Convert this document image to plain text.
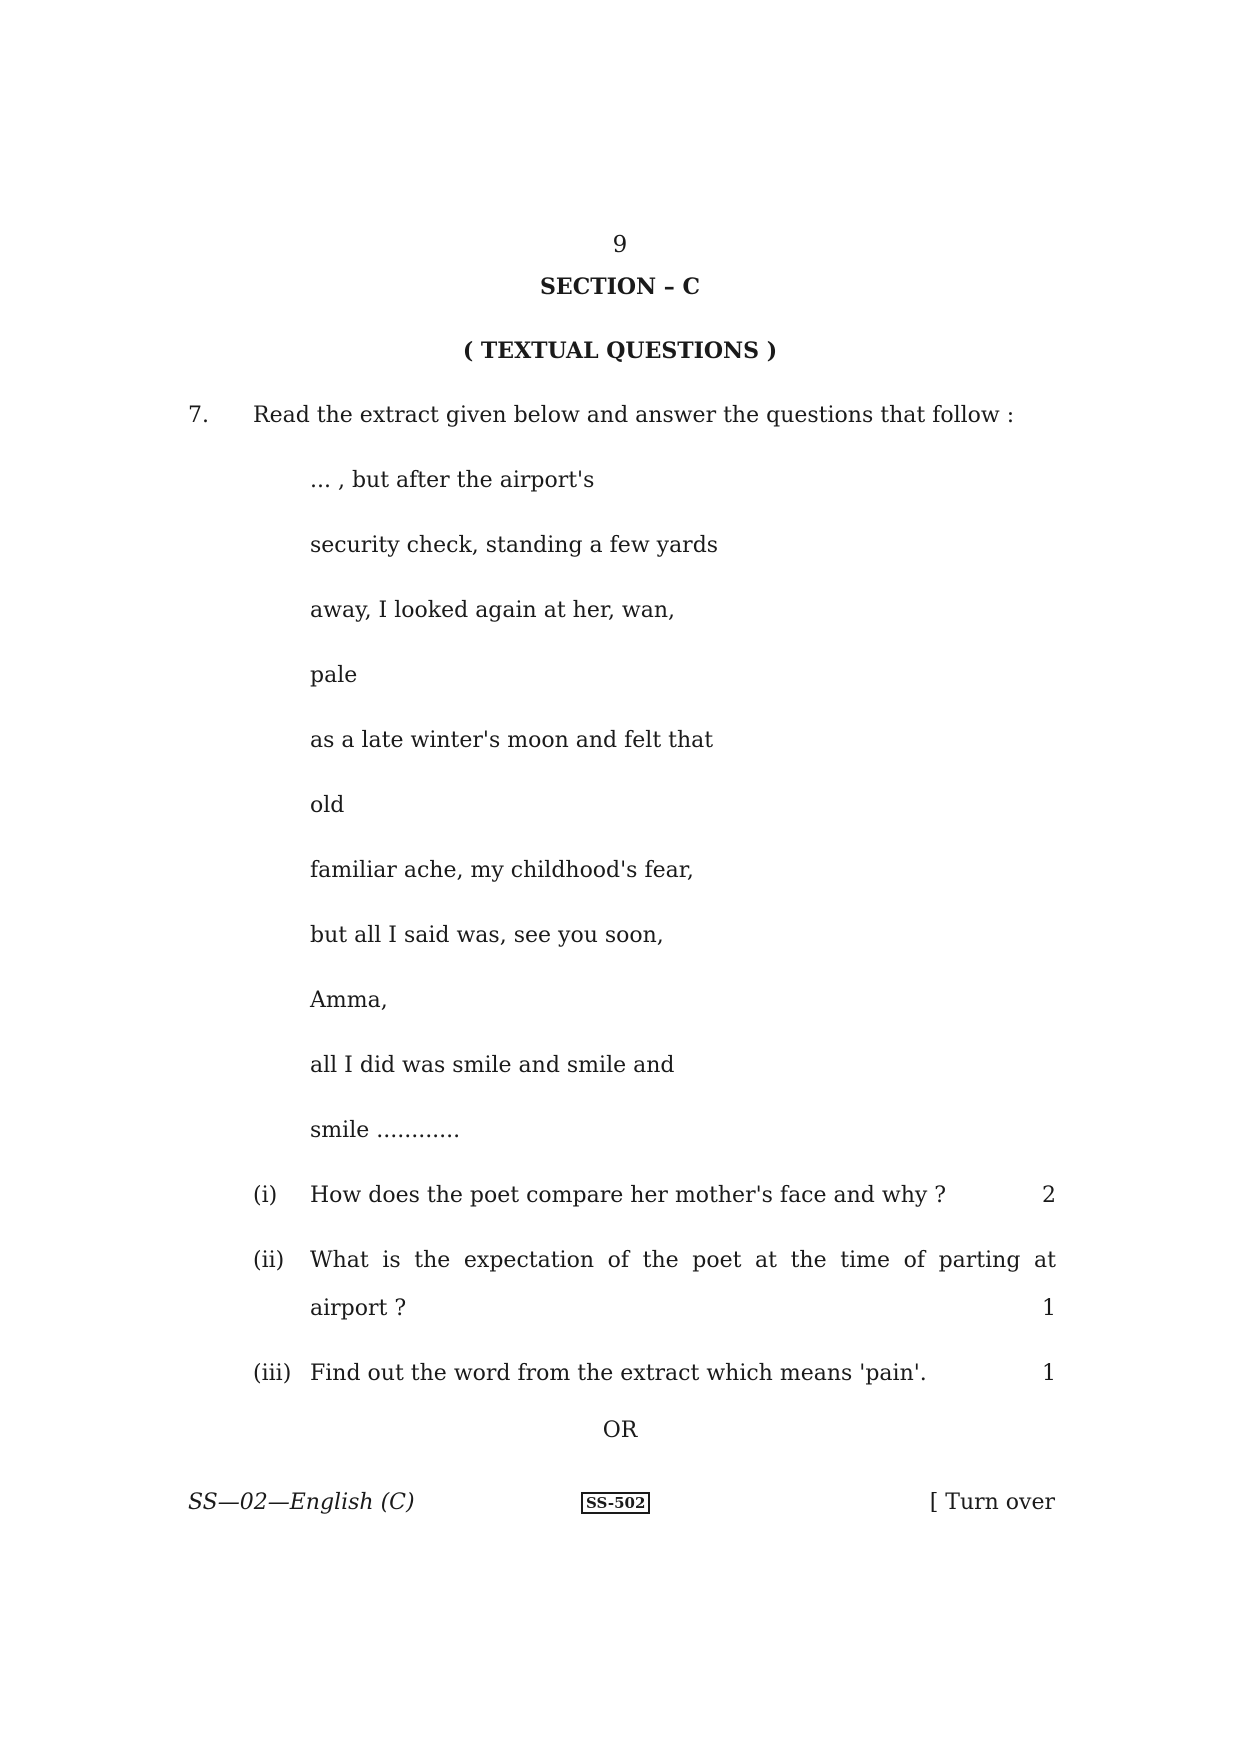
9
SECTION – C
( TEXTUAL QUESTIONS )
7. Read the extract given below and answer the questions that follow :
... , but after the airport's
security check, standing a few yards
away, I looked again at her, wan,
pale
as a late winter's moon and felt that
old
familiar ache, my childhood's fear,
but all I said was, see you soon,
Amma,
all I did was smile and smile and
smile ............
(i) How does the poet compare her mother's face and why ?	2
(ii) What is the expectation of the poet at the time of parting at
airport ?	1
(iii) Find out the word from the extract which means 'pain'.	1
OR
SS—02—English (C)	SS-502	[ Turn over
